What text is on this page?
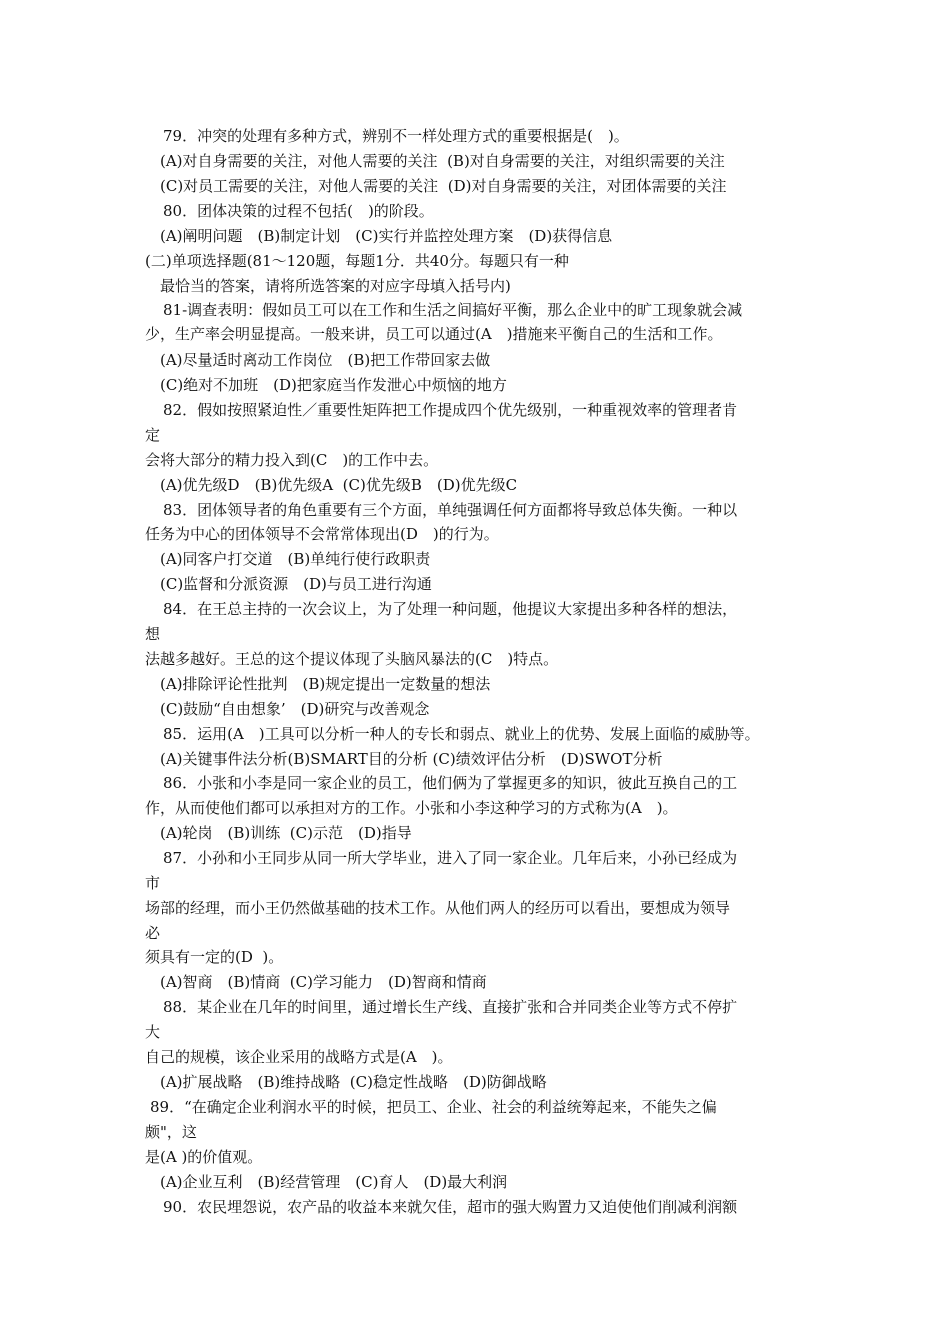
79．冲突的处理有多种方式，辨别不一样处理方式的重要根据是(　)。
(A)对自身需要的关注，对他人需要的关注  (B)对自身需要的关注，对组织需要的关注
(C)对员工需要的关注，对他人需要的关注  (D)对自身需要的关注，对团体需要的关注
80．团体决策的过程不包括(　)的阶段。
(A)阐明问题　(B)制定计划　(C)实行并监控处理方案　(D)获得信息
(二)单项选择题(81～120题，每题1分．共40分。每题只有一种
最恰当的答案，请将所选答案的对应字母填入括号内)
81-调查表明：假如员工可以在工作和生活之间搞好平衡，那么企业中的旷工现象就会减
少，生产率会明显提高。一般来讲，员工可以通过(A　)措施来平衡自己的生活和工作。
(A)尽量适时离动工作岗位　(B)把工作带回家去做
(C)绝对不加班　(D)把家庭当作发泄心中烦恼的地方
82．假如按照紧迫性／重要性矩阵把工作提成四个优先级别，一种重视效率的管理者肯
定
会将大部分的精力投入到(C　)的工作中去。
(A)优先级D　(B)优先级A  (C)优先级B　(D)优先级C
83．团体领导者的角色重要有三个方面，单纯强调任何方面都将导致总体失衡。一种以
任务为中心的团体领导不会常常体现出(D　)的行为。
(A)同客户打交道　(B)单纯行使行政职责
(C)监督和分派资源　(D)与员工进行沟通
84．在王总主持的一次会议上，为了处理一种问题，他提议大家提出多种各样的想法，
想
法越多越好。王总的这个提议体现了头脑风暴法的(C　)特点。
(A)排除评论性批判　(B)规定提出一定数量的想法
(C)鼓励“自由想象’　(D)研究与改善观念
85．运用(A　)工具可以分析一种人的专长和弱点、就业上的优势、发展上面临的威胁等。
(A)关键事件法分析(B)SMART目的分析 (C)绩效评估分析　(D)SWOT分析
86．小张和小李是同一家企业的员工，他们俩为了掌握更多的知识，彼此互换自己的工
作，从而使他们都可以承担对方的工作。小张和小李这种学习的方式称为(A　)。
(A)轮岗　(B)训练  (C)示范　(D)指导
87．小孙和小王同步从同一所大学毕业，进入了同一家企业。几年后来，小孙已经成为
市
场部的经理，而小王仍然做基础的技术工作。从他们两人的经历可以看出，要想成为领导
必
须具有一定的(D  )。
(A)智商　(B)情商  (C)学习能力　(D)智商和情商
88．某企业在几年的时间里，通过增长生产线、直接扩张和合并同类企业等方式不停扩
大
自己的规模，该企业采用的战略方式是(A　)。
(A)扩展战略　(B)维持战略  (C)稳定性战略　(D)防御战略
89．“在确定企业利润水平的时候，把员工、企业、社会的利益统筹起来，不能失之偏
颇"，这
是(A )的价值观。
(A)企业互利　(B)经营管理　(C)育人　(D)最大利润
90．农民埋怨说，农产品的收益本来就欠佳，超市的强大购置力又迫使他们削减利润额
